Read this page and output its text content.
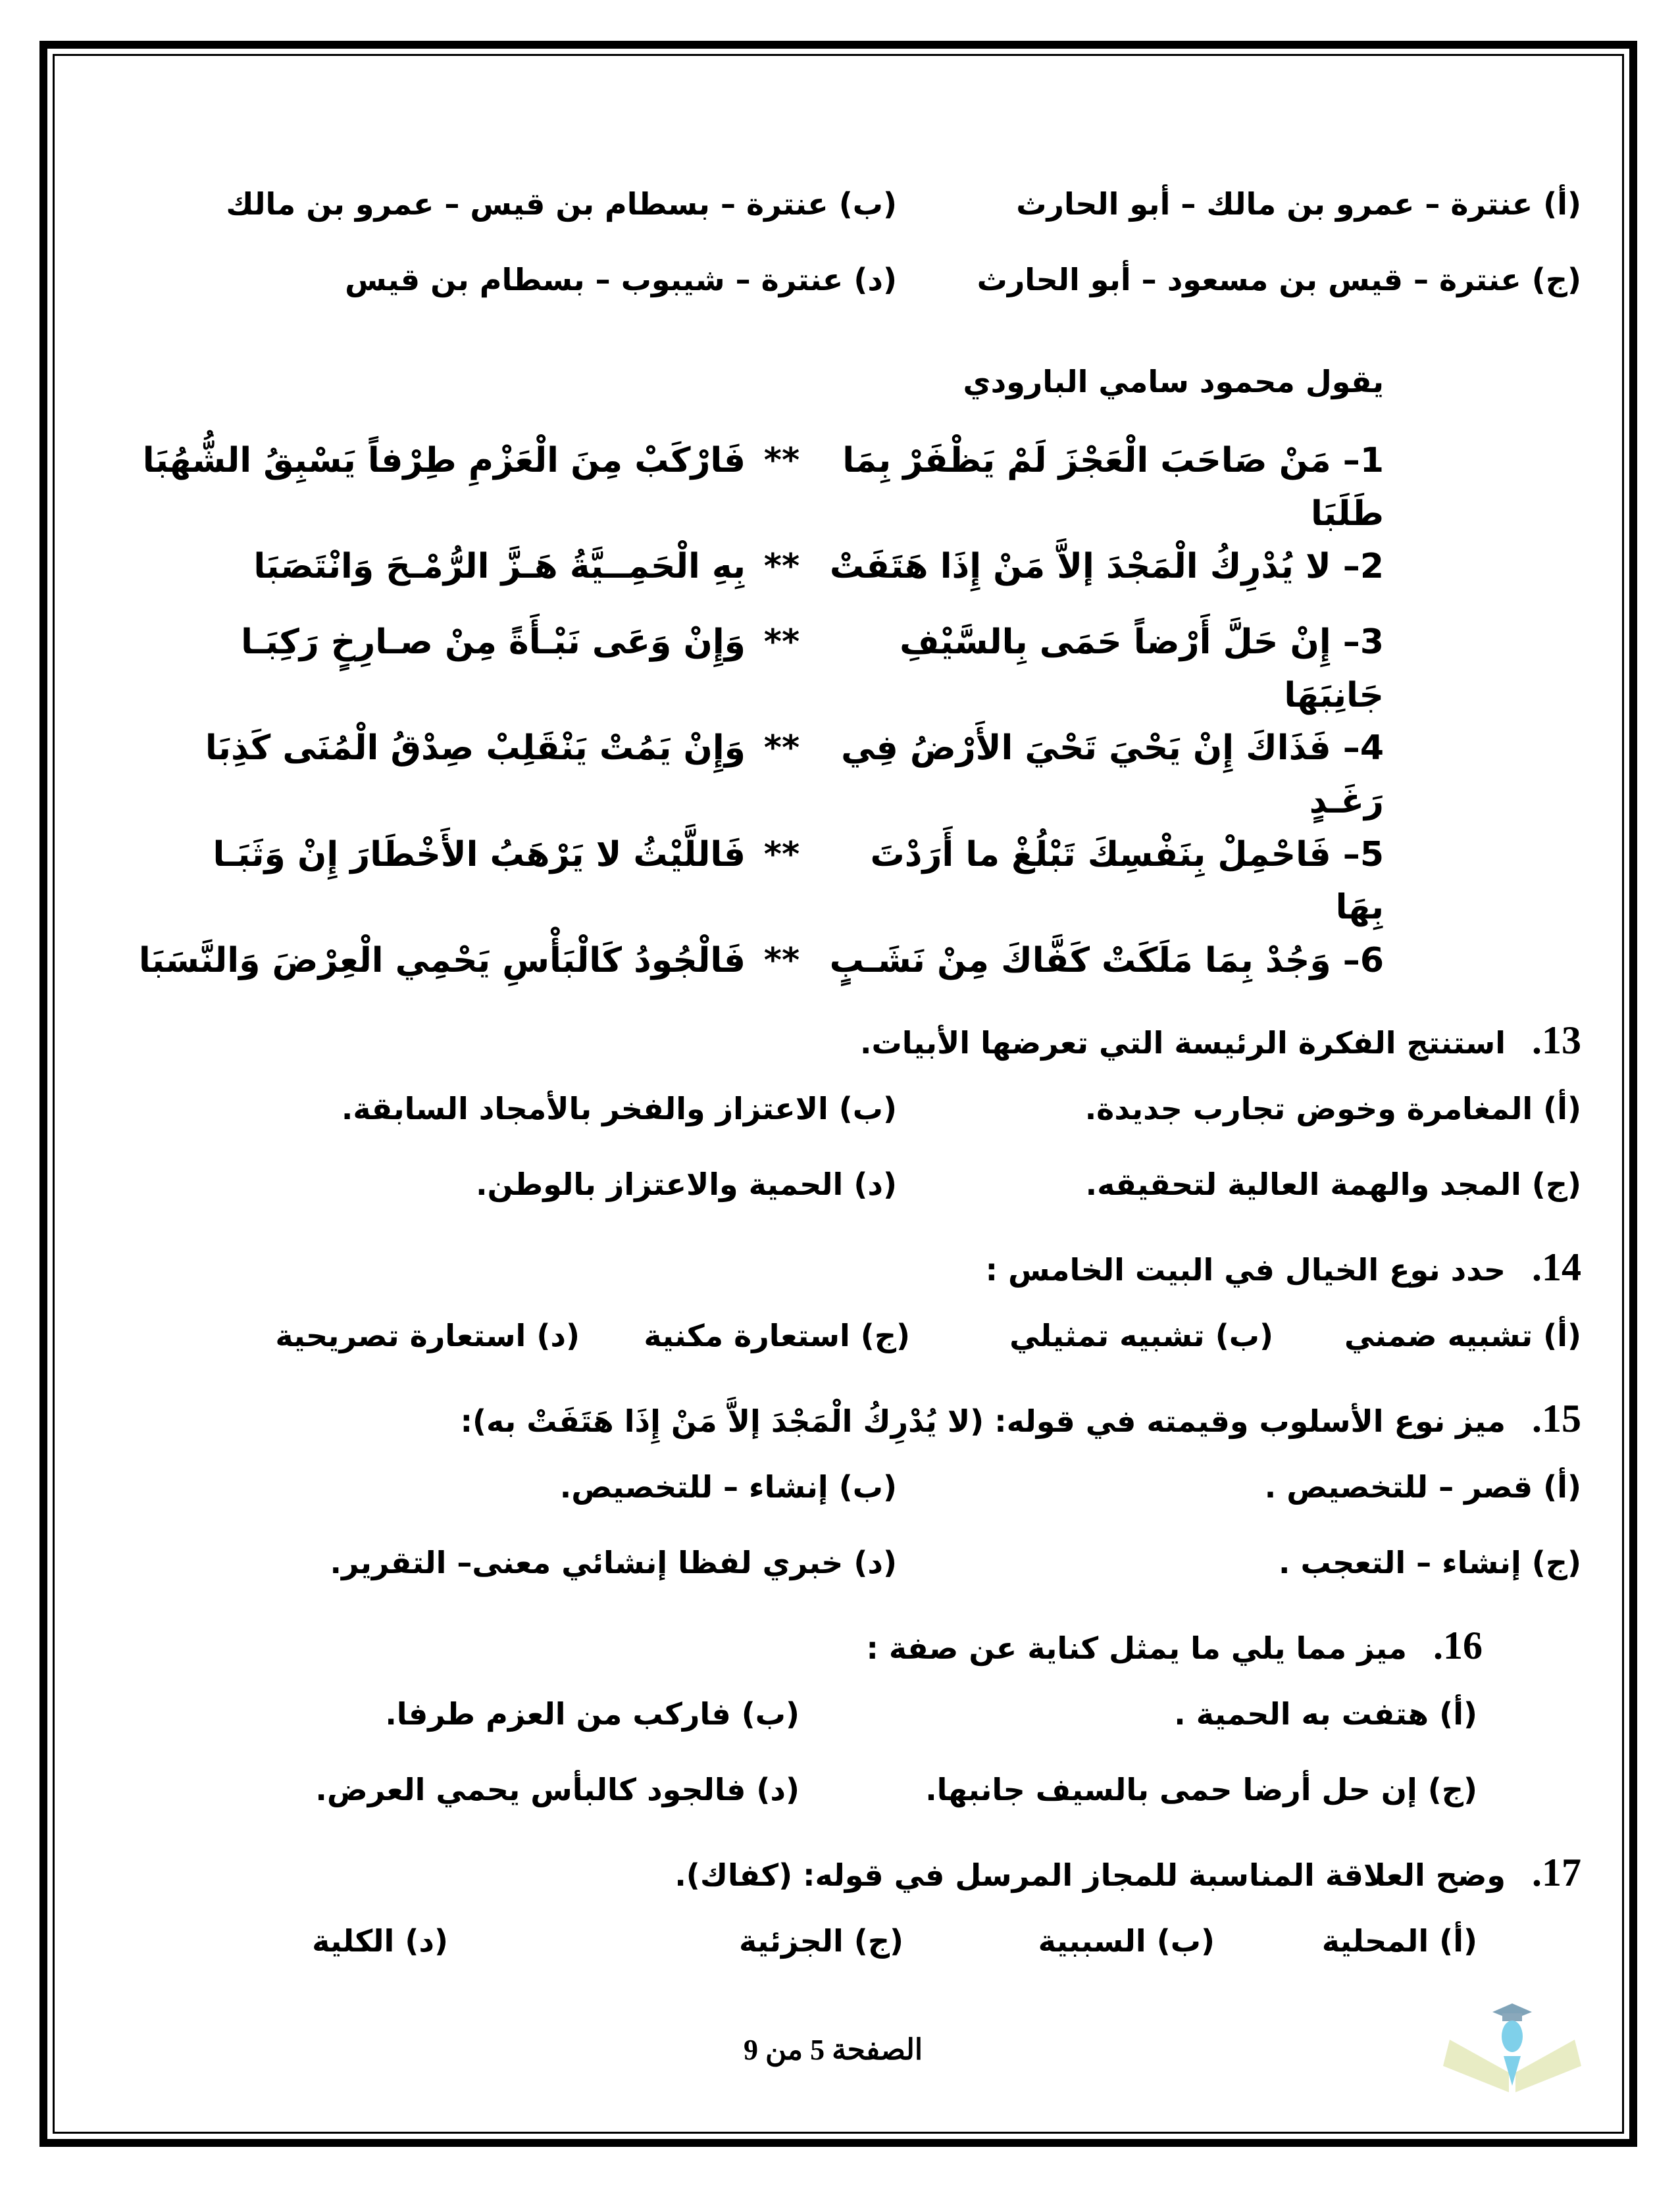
(أ) عنترة – عمرو بن مالك – أبو الحارث
(ب) عنترة – بسطام بن قيس – عمرو بن مالك
(ج) عنترة – قيس بن مسعود – أبو الحارث
(د) عنترة – شيبوب – بسطام بن قيس
يقول محمود سامي البارودي
1– مَنْ صَاحَبَ الْعَجْزَ لَمْ يَظْفَرْ بِمَا طَلَبَا
**
فَارْكَبْ مِنَ الْعَزْمِ طِرْفاً يَسْبِقُ الشُّهُبَا
2– لا يُدْرِكُ الْمَجْدَ إلاَّ مَنْ إِذَا هَتَفَتْ
**
بِهِ الْحَمِــيَّةُ هَـزَّ الرُّمْـحَ وَانْتَصَبَا
3– إِنْ حَلَّ أَرْضاً حَمَى بِالسَّيْفِ جَانِبَهَا
**
وَإِنْ وَعَى نَبْـأَةً مِنْ صـارِخٍ رَكِبَـا
4– فَذَاكَ إِنْ يَحْيَ تَحْيَ الأَرْضُ فِي رَغَـدٍ
**
وَإِنْ يَمُتْ يَنْقَلِبْ صِدْقُ الْمُنَى كَذِبَا
5– فَاحْمِلْ بِنَفْسِكَ تَبْلُغْ ما أَرَدْتَ بِهَا
**
فَاللَّيْثُ لا يَرْهَبُ الأَخْطَارَ إِنْ وَثَبَـا
6– وَجُدْ بِمَا مَلَكَتْ كَفَّاكَ مِنْ نَشَـبٍ
**
فَالْجُودُ كَالْبَأْسِ يَحْمِي الْعِرْضَ وَالنَّسَبَا
13.
استنتج الفكرة الرئيسة التي تعرضها الأبيات.
(أ) المغامرة وخوض تجارب جديدة.
(ب) الاعتزاز والفخر بالأمجاد السابقة.
(ج) المجد والهمة العالية لتحقيقه.
(د) الحمية والاعتزاز بالوطن.
14.
حدد نوع الخيال في البيت الخامس :
(أ) تشبيه ضمني
(ب) تشبيه تمثيلي
(ج) استعارة مكنية
(د) استعارة تصريحية
15.
ميز نوع الأسلوب وقيمته في قوله: (لا يُدْرِكُ الْمَجْدَ إلاَّ مَنْ إِذَا هَتَفَتْ به):
(أ) قصر – للتخصيص .
(ب) إنشاء – للتخصيص.
(ج) إنشاء – التعجب .
(د) خبري لفظا إنشائي معنى– التقرير.
16.
ميز مما يلي ما يمثل كناية عن صفة :
(أ) هتفت به الحمية .
(ب) فاركب من العزم طرفا.
(ج) إن حل أرضا حمى بالسيف جانبها.
(د) فالجود كالبأس يحمي العرض.
17.
وضح العلاقة المناسبة للمجاز المرسل في قوله: (كفاك).
(أ) المحلية
(ب) السببية
(ج) الجزئية
(د) الكلية
الصفحة 5 من 9
